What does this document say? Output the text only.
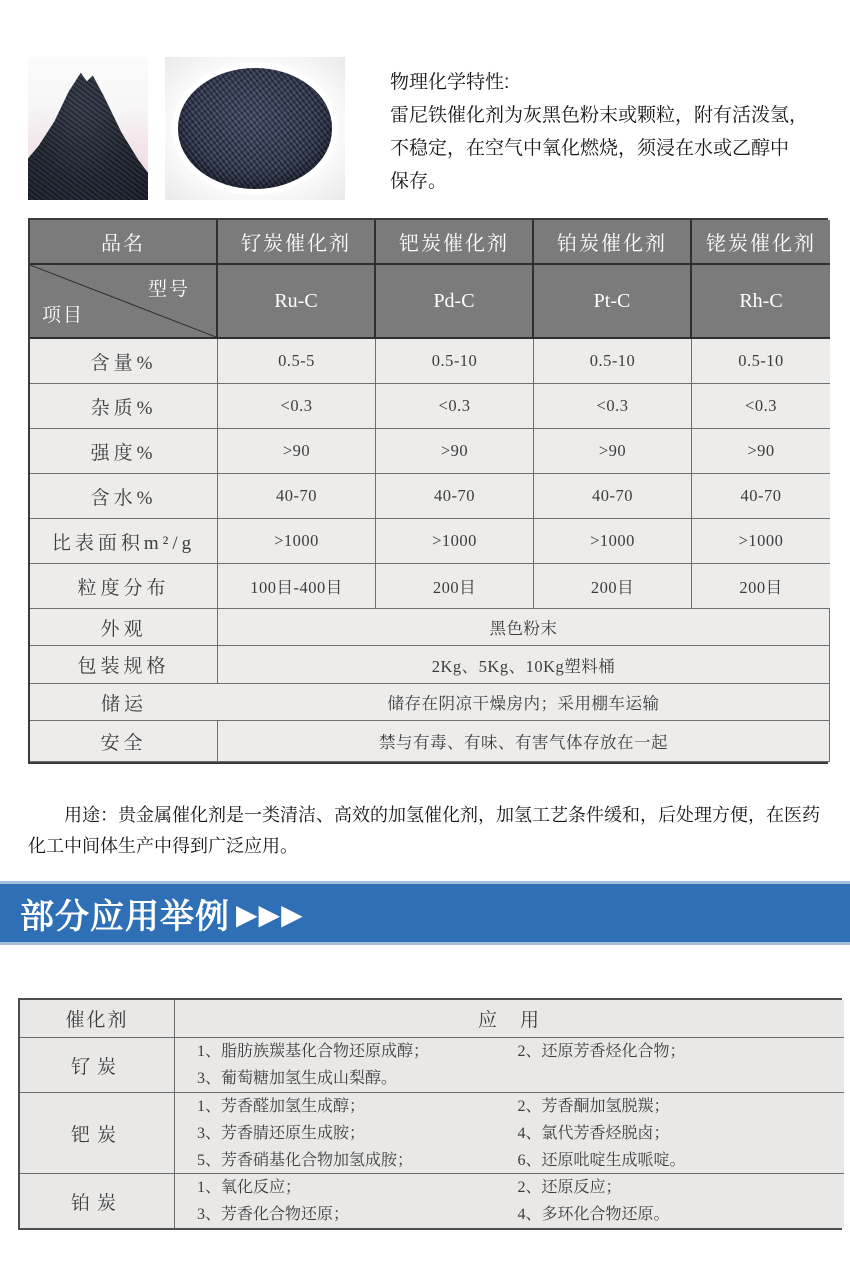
物理化学特性:
雷尼铁催化剂为灰黑色粉末或颗粒，附有活泼氢，
不稳定，在空气中氧化燃烧，须浸在水或乙醇中
保存。
品名	钌炭催化剂	钯炭催化剂	铂炭催化剂	铑炭催化剂
型号
项目
Ru-C	Pd-C	Pt-C	Rh-C
含量%	0.5-5	0.5-10	0.5-10	0.5-10
杂质%	<0.3	<0.3	<0.3	<0.3
强度%	>90	>90	>90	>90
含水%	40-70	40-70	40-70	40-70
比表面积m²/g	>1000	>1000	>1000	>1000
粒度分布	100目-400目	200目	200目	200目
外观	黑色粉末
包装规格	2Kg、5Kg、10Kg塑料桶
储运	储存在阴凉干燥房内；采用棚车运输
安全	禁与有毒、有味、有害气体存放在一起
用途：贵金属催化剂是一类清洁、高效的加氢催化剂，加氢工艺条件缓和，后处理方便，在医药化工中间体生产中得到广泛应用。
部分应用举例 ▶▶▶
催化剂	应　用
钌炭
1、脂肪族羰基化合物还原成醇；	2、还原芳香烃化合物；
3、葡萄糖加氢生成山梨醇。
钯炭
1、芳香醛加氢生成醇；	2、芳香酮加氢脱羰；
3、芳香腈还原生成胺；	4、氯代芳香烃脱卤；
5、芳香硝基化合物加氢成胺；	6、还原吡啶生成哌啶。
铂炭
1、氧化反应；	2、还原反应；
3、芳香化合物还原；	4、多环化合物还原。
